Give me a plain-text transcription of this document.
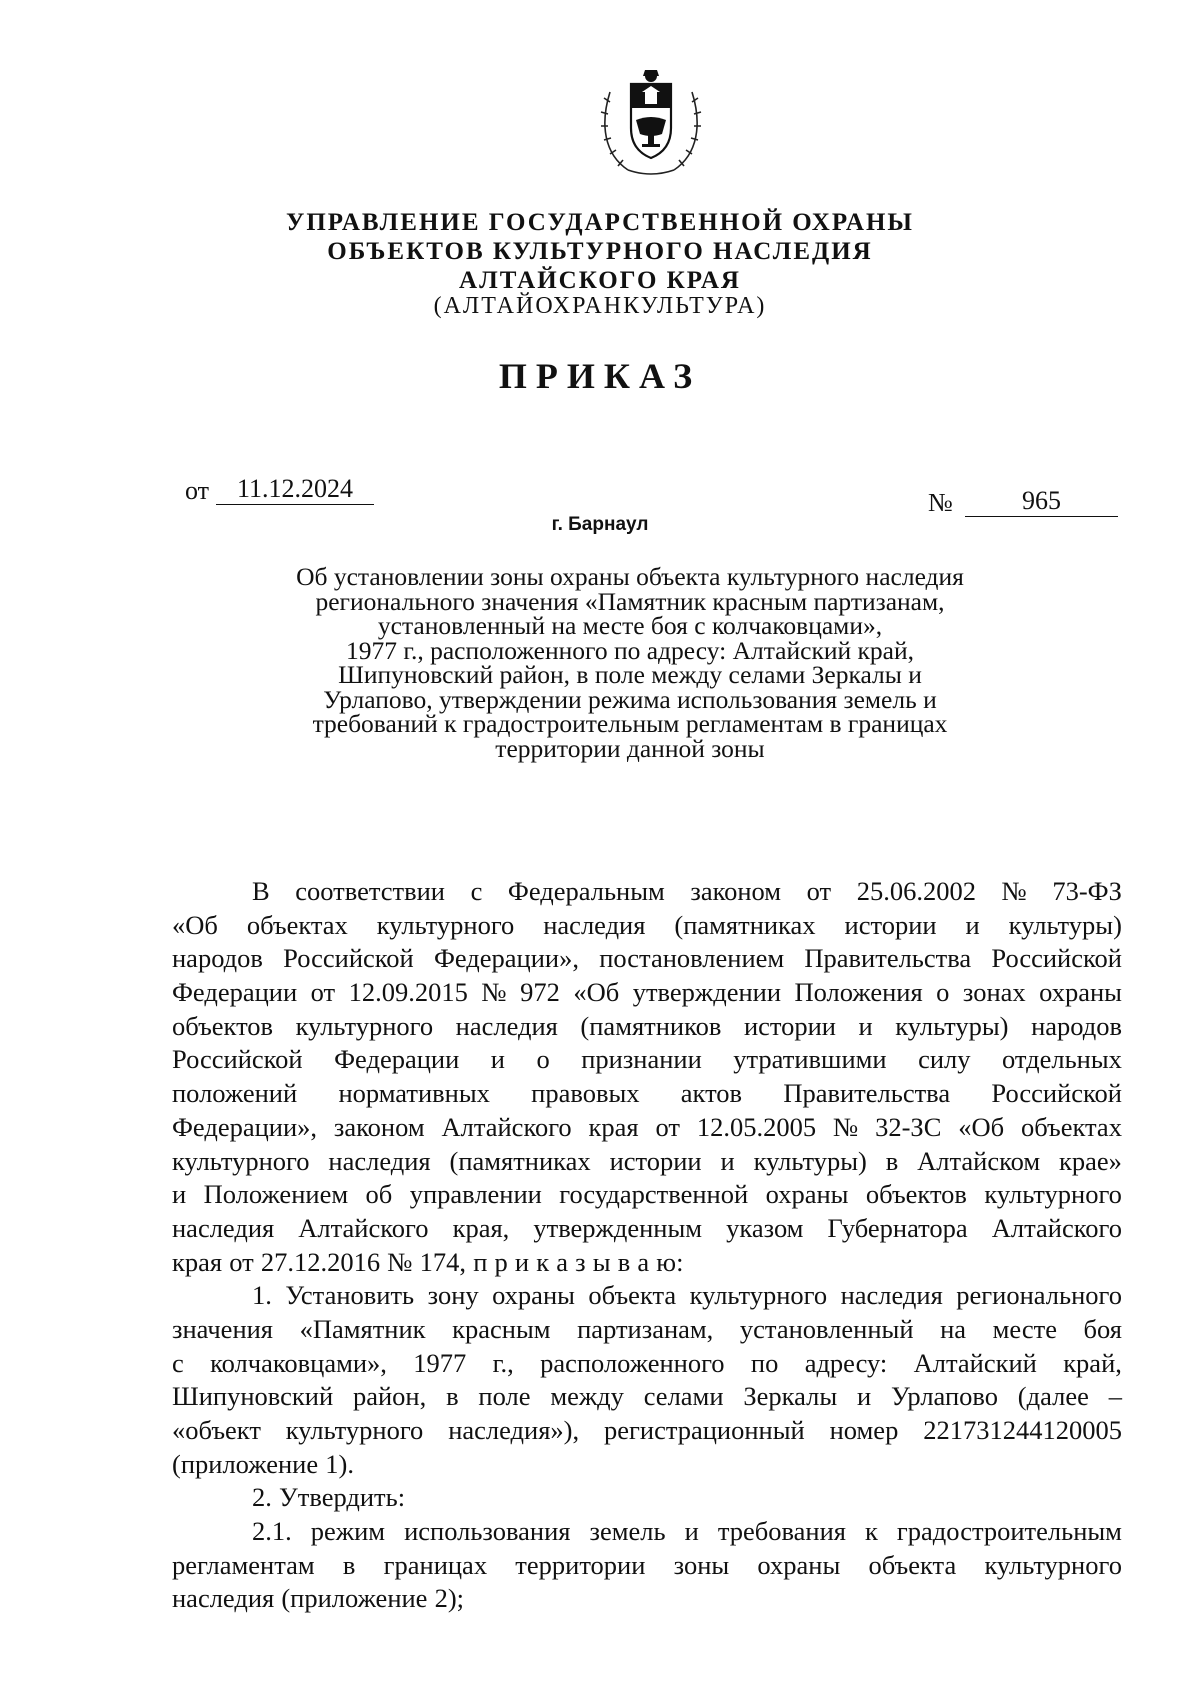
УПРАВЛЕНИЕ ГОСУДАРСТВЕННОЙ ОХРАНЫ
ОБЪЕКТОВ КУЛЬТУРНОГО НАСЛЕДИЯ
АЛТАЙСКОГО КРАЯ
(АЛТАЙОХРАНКУЛЬТУРА)
ПРИКАЗ
от	11.12.2024	№	965
г. Барнаул
Об установлении зоны охраны объекта культурного наследия
регионального значения «Памятник красным партизанам,
установленный на месте боя с колчаковцами»,
1977 г., расположенного по адресу: Алтайский край,
Шипуновский район, в поле между селами Зеркалы и
Урлапово, утверждении режима использования земель и
требований к градостроительным регламентам в границах
территории данной зоны
В соответствии с Федеральным законом от 25.06.2002 № 73-ФЗ
«Об объектах культурного наследия (памятниках истории и культуры)
народов Российской Федерации», постановлением Правительства Российской
Федерации от 12.09.2015 № 972 «Об утверждении Положения о зонах охраны
объектов культурного наследия (памятников истории и культуры) народов
Российской Федерации и о признании утратившими силу отдельных
положений нормативных правовых актов Правительства Российской
Федерации», законом Алтайского края от 12.05.2005 № 32-ЗС «Об объектах
культурного наследия (памятниках истории и культуры) в Алтайском крае»
и Положением об управлении государственной охраны объектов культурного
наследия Алтайского края, утвержденным указом Губернатора Алтайского
края от 27.12.2016 № 174, п р и к а з ы в а ю:
1. Установить зону охраны объекта культурного наследия регионального
значения «Памятник красным партизанам, установленный на месте боя
с колчаковцами», 1977 г., расположенного по адресу: Алтайский край,
Шипуновский район, в поле между селами Зеркалы и Урлапово (далее –
«объект культурного наследия»), регистрационный номер 221731244120005
(приложение 1).
2. Утвердить:
2.1. режим использования земель и требования к градостроительным
регламентам в границах территории зоны охраны объекта культурного
наследия (приложение 2);
